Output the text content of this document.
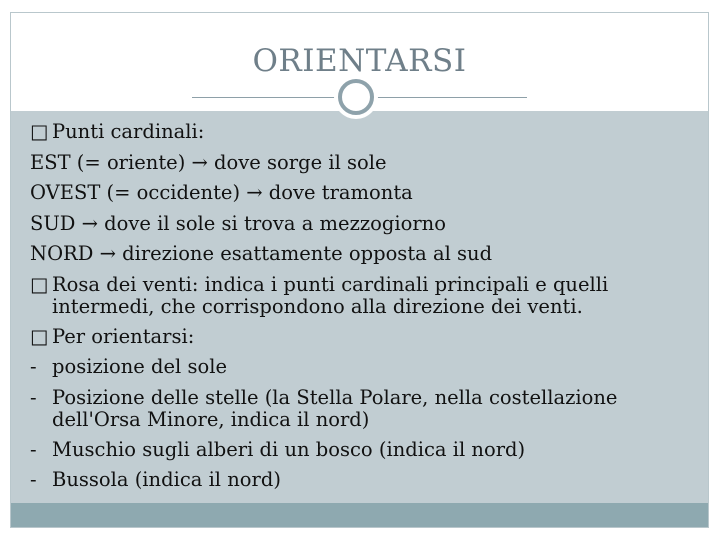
ORIENTARSI
□ Punti cardinali:
EST (= oriente) → dove sorge il sole
OVEST (= occidente) → dove tramonta
SUD → dove il sole si trova a mezzogiorno
NORD → direzione esattamente opposta al sud
□ Rosa dei venti: indica i punti cardinali principali e quelli
intermedi, che corrispondono alla direzione dei venti.
□ Per orientarsi:
- posizione del sole
- Posizione delle stelle (la Stella Polare, nella costellazione
dell'Orsa Minore, indica il nord)
- Muschio sugli alberi di un bosco (indica il nord)
- Bussola (indica il nord)
